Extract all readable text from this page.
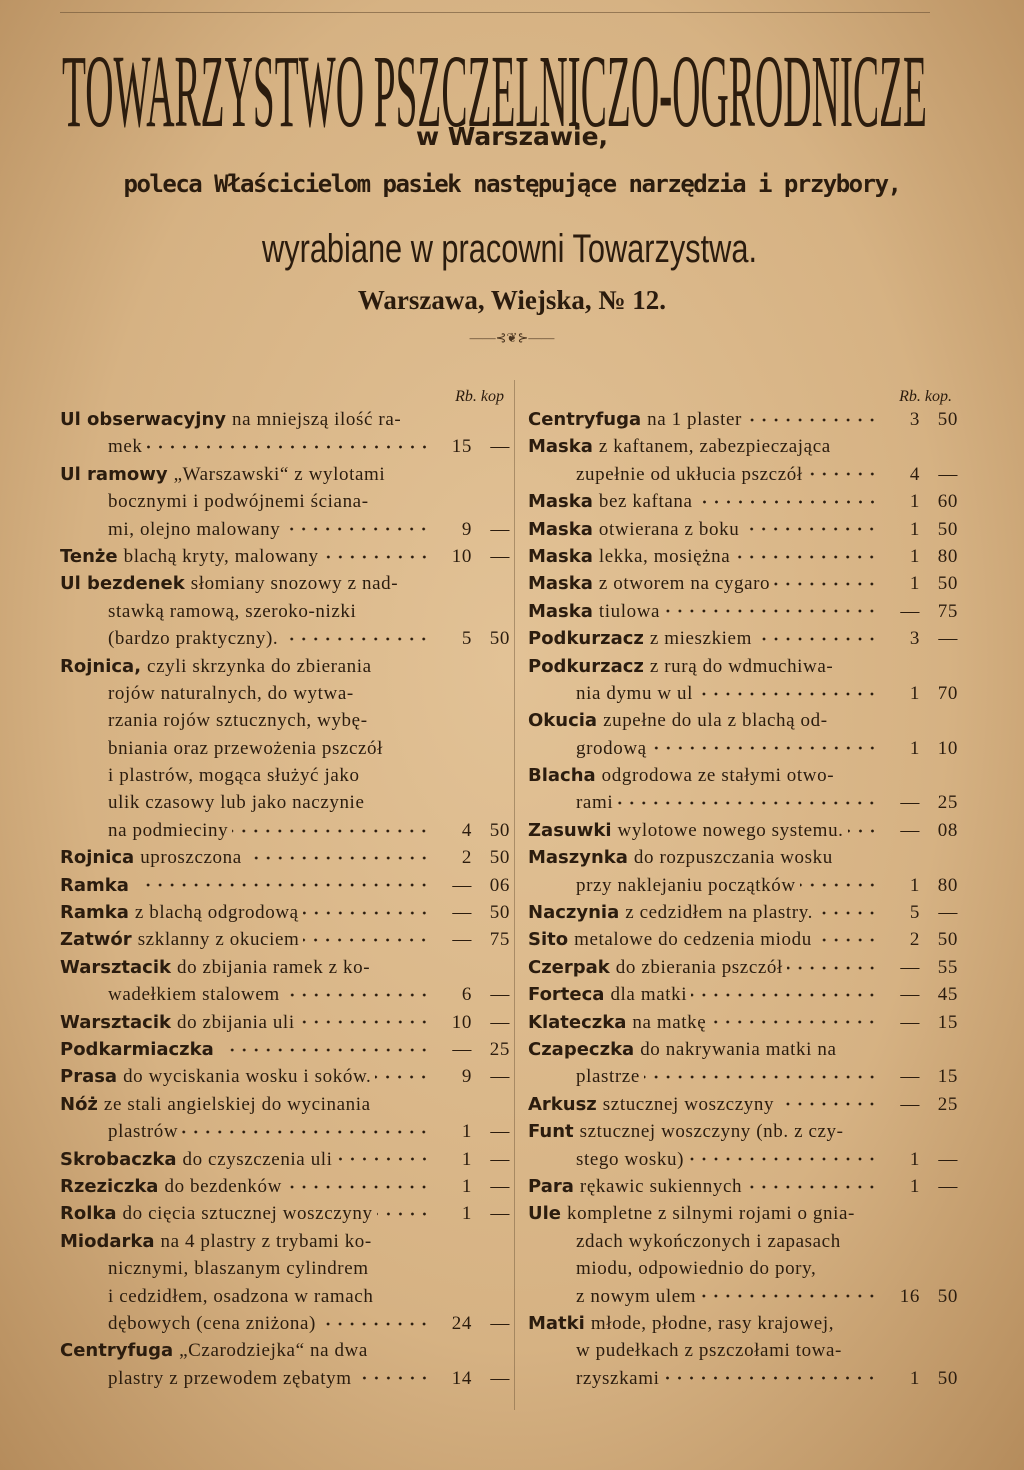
TOWARZYSTWO PSZCZELNICZO-OGRODNICZE
w Warszawie,
poleca Właścicielom pasiek następujące narzędzia i przybory,
wyrabiane w pracowni Towarzystwa.
Warszawa, Wiejska, № 12.
——⊰❦⊱——
Rb. kop
Ul obserwacyjny na mniejszą ilość ra-
mek	15 —
Ul ramowy „Warszawski“ z wylotami
bocznymi i podwójnemi ściana-
mi, olejno malowany	9 —
Tenże blachą kryty, malowany	10 —
Ul bezdenek słomiany snozowy z nad-
stawką ramową, szeroko-nizki
(bardzo praktyczny).	5 50
Rojnica, czyli skrzynka do zbierania
rojów naturalnych, do wytwa-
rzania rojów sztucznych, wybę-
bniania oraz przewożenia pszczół
i plastrów, mogąca służyć jako
ulik czasowy lub jako naczynie
na podmieciny	4 50
Rojnica uproszczona	2 50
Ramka	— 06
Ramka z blachą odgrodową	— 50
Zatwór szklanny z okuciem	— 75
Warsztacik do zbijania ramek z ko-
wadełkiem stalowem	6 —
Warsztacik do zbijania uli	10 —
Podkarmiaczka	— 25
Prasa do wyciskania wosku i soków.	9 —
Nóż ze stali angielskiej do wycinania
plastrów	1 —
Skrobaczka do czyszczenia uli	1 —
Rzeziczka do bezdenków	1 —
Rolka do cięcia sztucznej woszczyny	1 —
Miodarka na 4 plastry z trybami ko-
nicznymi, blaszanym cylindrem
i cedzidłem, osadzona w ramach
dębowych (cena zniżona)	24 —
Centryfuga „Czarodziejka“ na dwa
plastry z przewodem zębatym	14 —
Rb. kop.
Centryfuga na 1 plaster	3 50
Maska z kaftanem, zabezpieczająca
zupełnie od ukłucia pszczół	4 —
Maska bez kaftana	1 60
Maska otwierana z boku	1 50
Maska lekka, mosiężna	1 80
Maska z otworem na cygaro	1 50
Maska tiulowa	— 75
Podkurzacz z mieszkiem	3 —
Podkurzacz z rurą do wdmuchiwa-
nia dymu w ul	1 70
Okucia zupełne do ula z blachą od-
grodową	1 10
Blacha odgrodowa ze stałymi otwo-
rami	— 25
Zasuwki wylotowe nowego systemu.	— 08
Maszynka do rozpuszczania wosku
przy naklejaniu początków	1 80
Naczynia z cedzidłem na plastry.	5 —
Sito metalowe do cedzenia miodu	2 50
Czerpak do zbierania pszczół	— 55
Forteca dla matki	— 45
Klateczka na matkę	— 15
Czapeczka do nakrywania matki na
plastrze	— 15
Arkusz sztucznej woszczyny	— 25
Funt sztucznej woszczyny (nb. z czy-
stego wosku)	1 —
Para rękawic sukiennych	1 —
Ule kompletne z silnymi rojami o gnia-
zdach wykończonych i zapasach
miodu, odpowiednio do pory,
z nowym ulem	16 50
Matki młode, płodne, rasy krajowej,
w pudełkach z pszczołami towa-
rzyszkami	1 50
